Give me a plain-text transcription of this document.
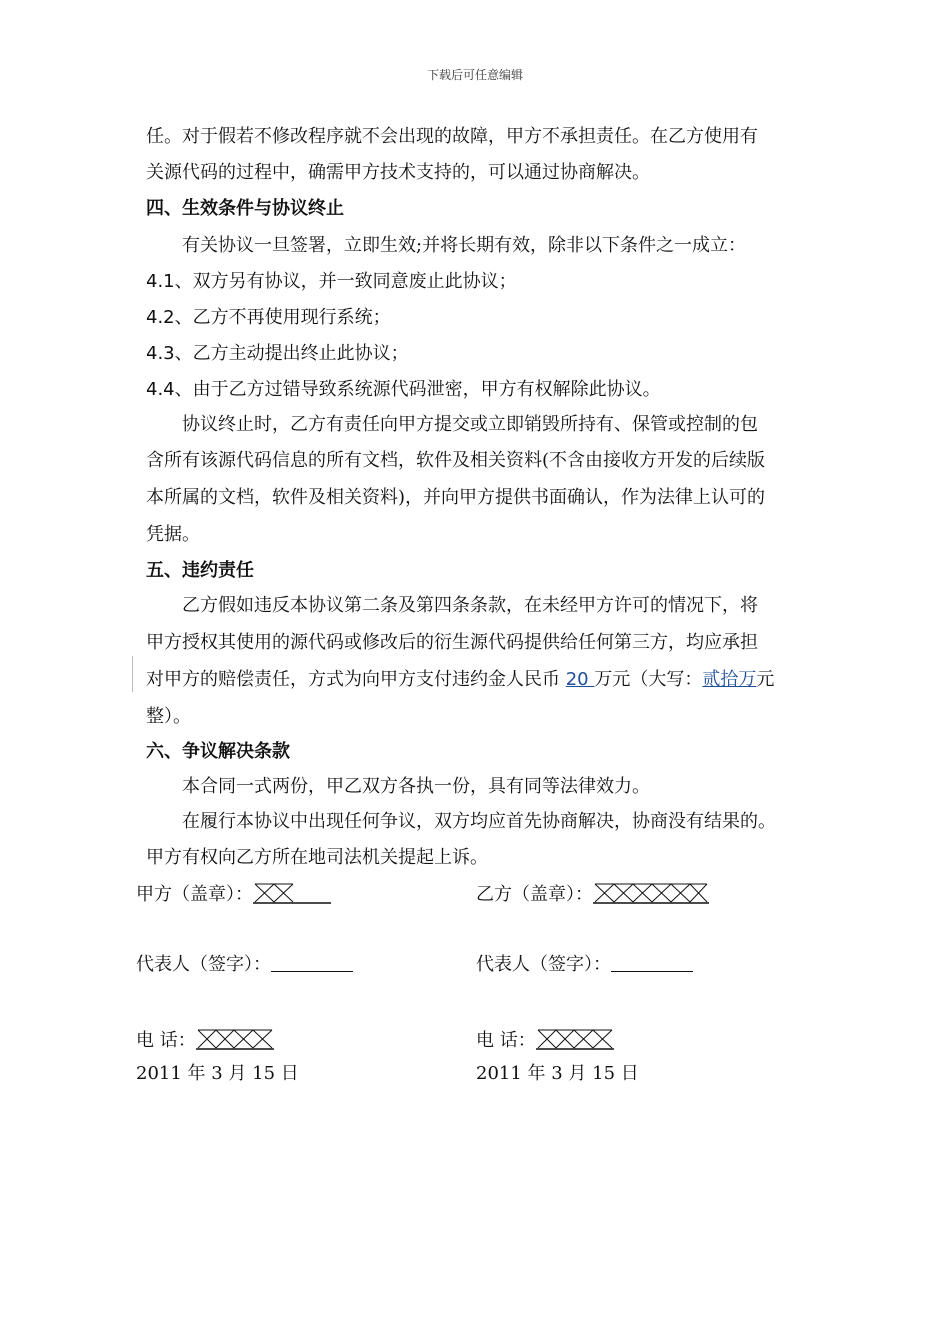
下载后可任意编辑
任。对于假若不修改程序就不会出现的故障，甲方不承担责任。在乙方使用有
关源代码的过程中，确需甲方技术支持的，可以通过协商解决。
四、生效条件与协议终止
有关协议一旦签署，立即生效;并将长期有效，除非以下条件之一成立：
4.1、双方另有协议，并一致同意废止此协议；
4.2、乙方不再使用现行系统；
4.3、乙方主动提出终止此协议；
4.4、由于乙方过错导致系统源代码泄密，甲方有权解除此协议。
协议终止时，乙方有责任向甲方提交或立即销毁所持有、保管或控制的包
含所有该源代码信息的所有文档，软件及相关资料(不含由接收方开发的后续版
本所属的文档，软件及相关资料)，并向甲方提供书面确认，作为法律上认可的
凭据。
五、违约责任
乙方假如违反本协议第二条及第四条条款，在未经甲方许可的情况下，将
甲方授权其使用的源代码或修改后的衍生源代码提供给任何第三方，均应承担
对甲方的赔偿责任，方式为向甲方支付违约金人民币 20 万元（大写：贰拾万元
整）。
六、争议解决条款
本合同一式两份，甲乙双方各执一份，具有同等法律效力。
在履行本协议中出现任何争议，双方均应首先协商解决，协商没有结果的。
甲方有权向乙方所在地司法机关提起上诉。
甲方（盖章）：	乙方（盖章）：
代表人（签字）：	代表人（签字）：
电 话：	电 话：
2011 年 3 月 15 日	2011 年 3 月 15 日
